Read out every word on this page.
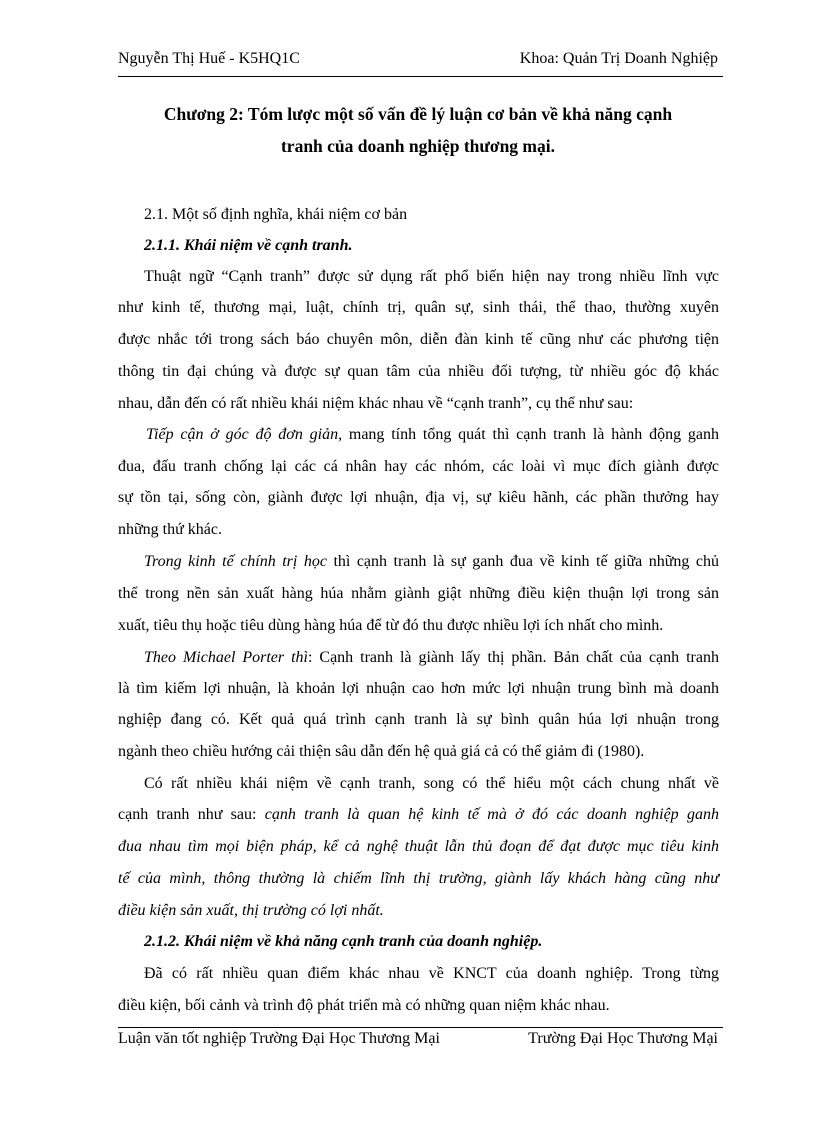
Nguyễn Thị Huế - K5HQ1C	Khoa: Quản Trị Doanh Nghiệp
Chương 2: Tóm lược một số vấn đề lý luận cơ bản về khả năng cạnh
tranh của doanh nghiệp thương mại.
2.1. Một số định nghĩa, khái niệm cơ bản
2.1.1. Khái niệm về cạnh tranh.
Thuật ngữ “Cạnh tranh” được sử dụng rất phổ biến hiện nay trong nhiều lĩnh vực
như kinh tế, thương mại, luật, chính trị, quân sự, sinh thái, thể thao, thường xuyên
được nhắc tới trong sách báo chuyên môn, diễn đàn kinh tế cũng như các phương tiện
thông tin đại chúng và được sự quan tâm của nhiều đối tượng, từ nhiều góc độ khác
nhau, dẫn đến có rất nhiều khái niệm khác nhau về “cạnh tranh”, cụ thể như sau:
Tiếp cận ở góc độ đơn giản, mang tính tổng quát thì cạnh tranh là hành động ganh
đua, đấu tranh chống lại các cá nhân hay các nhóm, các loài vì mục đích giành được
sự tồn tại, sống còn, giành được lợi nhuận, địa vị, sự kiêu hãnh, các phần thưởng hay
những thứ khác.
Trong kinh tế chính trị học thì cạnh tranh là sự ganh đua về kinh tế giữa những chủ
thể trong nền sản xuất hàng húa nhằm giành giật những điều kiện thuận lợi trong sản
xuất, tiêu thụ hoặc tiêu dùng hàng húa để từ đó thu được nhiều lợi ích nhất cho mình.
Theo Michael Porter thì: Cạnh tranh là giành lấy thị phần. Bản chất của cạnh tranh
là tìm kiếm lợi nhuận, là khoản lợi nhuận cao hơn mức lợi nhuận trung bình mà doanh
nghiệp đang có. Kết quả quá trình cạnh tranh là sự bình quân húa lợi nhuận trong
ngành theo chiều hướng cải thiện sâu dẫn đến hệ quả giá cả có thể giảm đi (1980).
Có rất nhiều khái niệm về cạnh tranh, song có thể hiểu một cách chung nhất về
cạnh tranh như sau: cạnh tranh là quan hệ kinh tế mà ở đó các doanh nghiệp ganh
đua nhau tìm mọi biện pháp, kể cả nghệ thuật lẫn thủ đoạn để đạt được mục tiêu kinh
tế của mình, thông thường là chiếm lĩnh thị trường, giành lấy khách hàng cũng như
điều kiện sản xuất, thị trường có lợi nhất.
2.1.2. Khái niệm về khả năng cạnh tranh của doanh nghiệp.
Đã có rất nhiều quan điểm khác nhau về KNCT của doanh nghiệp. Trong từng
điều kiện, bối cảnh và trình độ phát triển mà có những quan niệm khác nhau.
Luận văn tốt nghiệp Trường Đại Học Thương Mại	Trường Đại Học Thương Mại
